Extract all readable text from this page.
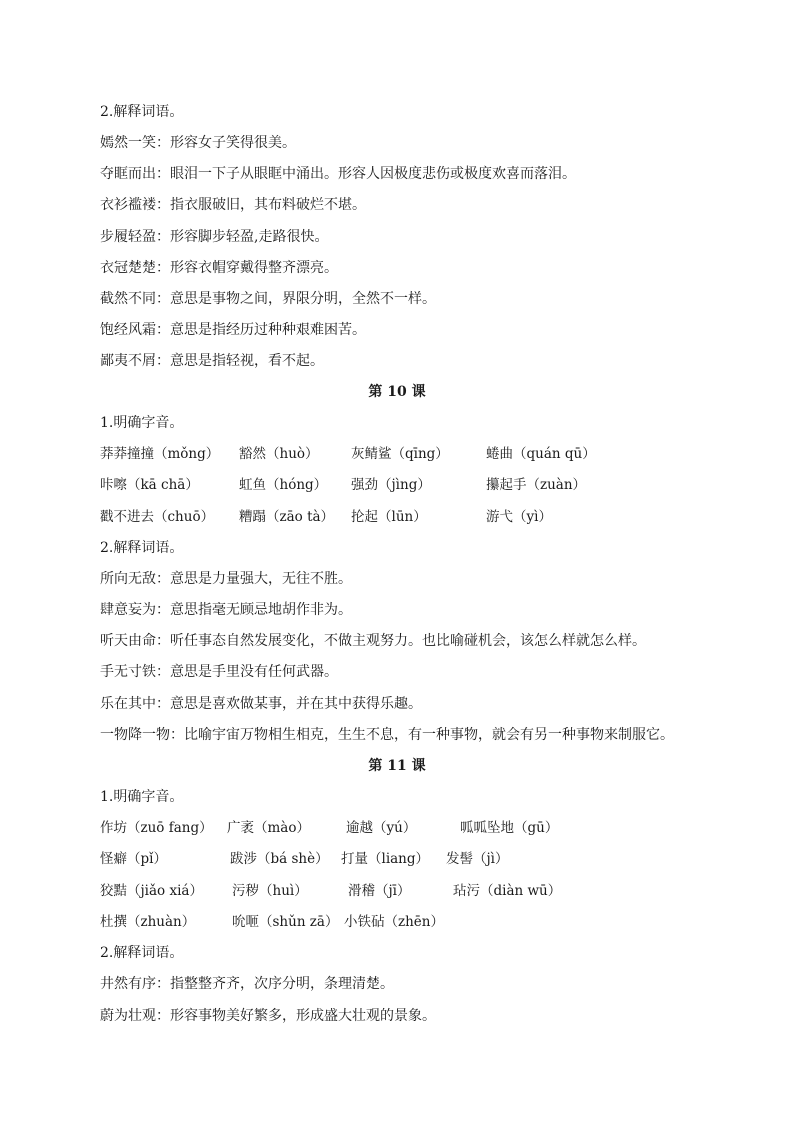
2.解释词语。
嫣然一笑：形容女子笑得很美。
夺眶而出：眼泪一下子从眼眶中涌出。形容人因极度悲伤或极度欢喜而落泪。
衣衫褴褛：指衣服破旧，其布料破烂不堪。
步履轻盈：形容脚步轻盈,走路很快。
衣冠楚楚：形容衣帽穿戴得整齐漂亮。
截然不同：意思是事物之间，界限分明，全然不一样。
饱经风霜：意思是指经历过种种艰难困苦。
鄙夷不屑：意思是指轻视，看不起。
第 10 课
1.明确字音。
莽莽撞撞（mǒng） 豁然（huò） 灰鲭鲨（qīng）	蜷曲（quán qū）
咔嚓（kā chā）	虹鱼（hóng） 强劲（jìng）	攥起手（zuàn）
戳不进去（chuō） 糟蹋（zāo tà） 抡起（lūn）	游弋（yì）
2.解释词语。
所向无敌：意思是力量强大，无往不胜。
肆意妄为：意思指毫无顾忌地胡作非为。
听天由命：听任事态自然发展变化，不做主观努力。也比喻碰机会，该怎么样就怎么样。
手无寸铁：意思是手里没有任何武器。
乐在其中：意思是喜欢做某事，并在其中获得乐趣。
一物降一物：比喻宇宙万物相生相克，生生不息，有一种事物，就会有另一种事物来制服它。
第 11 课
1.明确字音。
作坊（zuō fang） 广袤（mào）	逾越（yú）	呱呱坠地（gū）
怪癖（pǐ）	跋涉（bá shè） 打量（liang） 发髻（jì）
狡黠（jiǎo xiá） 污秽（huì）	滑稽（jī）	玷污（diàn wū）
杜撰（zhuàn）	吮咂（shǔn zā） 小铁砧（zhēn）
2.解释词语。
井然有序：指整整齐齐，次序分明，条理清楚。
蔚为壮观：形容事物美好繁多，形成盛大壮观的景象。
